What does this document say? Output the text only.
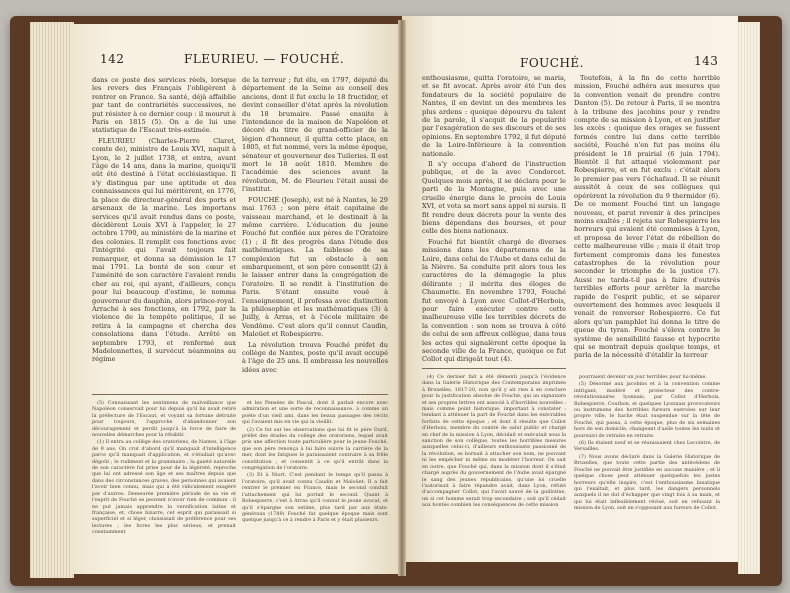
142	FLEURIEU. — FOUCHÉ.

dans ce poste des services réels, lorsque les revers des Français l'obligèrent à rentrer en France. Sa santé, déjà affaiblie par tant de contrariétés successives, ne put résister à ce dernier coup : il mourut à Paris en 1815 (5). On a de lui une statistique de l'Escaut très-estimée.

FLEURIEU (Charles-Pierre Claret, comte de), ministre de Louis XVI, naquit à Lyon, le 2 juillet 1738, et entra, avant l'âge de 14 ans, dans la marine, quoiqu'il eût été destiné à l'état ecclésiastique. Il s'y distingua par une aptitude et des connaissances qui lui méritèrent, en 1776, la place de directeur-général des ports et arsenaux de la marine. Les importans services qu'il avait rendus dans ce poste, décidèrent Louis XVI à l'appeler, le 27 octobre 1790, au ministère de la marine et des colonies. Il remplit ces fonctions avec l'intégrité qui l'avait toujours fait remarquer, et donna sa démission le 17 mai 1791. La bonté de son cœur et l'aménité de son caractère l'avaient rendu cher au roi, qui ayant, d'ailleurs, conçu pour lui beaucoup d'estime, le nomma gouverneur du dauphin, alors prince-royal. Arraché à ses fonctions, en 1792, par la violence de la tempête politique, il se retira à la campagne et chercha des consolations dans l'étude. Arrêté en septembre 1793, et renfermé aux Madelonnettes, il survécut néanmoins au régime

de la terreur ; fut élu, en 1797, député du département de la Seine au conseil des anciens, dont il fut exclu le 18 fructidor, et devint conseiller d'état après la révolution du 18 brumaire. Passé ensuite à l'intendance de la maison de Napoléon et décoré du titre de grand-officier de la légion d'honneur, il quitta cette place, en 1805, et fut nommé, vers la même époque, sénateur et gouverneur des Tuileries. Il est mort le 18 août 1810. Membre de l'académie des sciences avant la révolution, M. de Fleurieu l'était aussi de l'institut.

FOUCHÉ (Joseph), est né à Nantes, le 29 mai 1763 ; son père était capitaine de vaisseau marchand, et le destinait à la même carrière. L'éducation du jeune Fouché fut confiée aux pères de l'Oratoire (1) ; il fit des progrès dans l'étude des mathématiques. La faiblesse de sa complexion fut un obstacle à son embarquement, et son père consentit (2) à le laisser entrer dans la congrégation de l'oratoire. Il se rendit à l'institution de Paris. S'étant ensuite voué à l'enseignement, il professa avec distinction la philosophie et les mathématiques (3) à Juilly, à Arras, et à l'école militaire de Vendôme. C'est alors qu'il connut Caudin, Maloüet et Robespierre.

La révolution trouva Fouché préfet du collège de Nantes, poste qu'il avait occupé à l'âge de 25 ans. Il embrassa les nouvelles idées avec

(5) Connaissant les sentimens de malveillance que Napoléon conservait pour lui depuis qu'il lui avait retiré la préfecture de l'Escaut, et voyant sa fortune détruite pour toujours, l'approche d'abandonner son découragement et perdit jusqu'à la force de faire de nouvelles démarches pour la rétablir.

(1) Il entra au collège des oratoriens, de Nantes, à l'âge de 9 ans. On crut d'abord qu'il manquait d'intelligence parce qu'il manquait d'application, et s'étudiait qu'avec dégoût ; le rudiment et la grammaire ; la gaieté naturelle de son caractère fut prise pour de la légèreté, reproche que lui ont adressé son âge et ses maîtres depuis que dans des circonstances graves, des personnes qui avaient l'avoir bien connu, mais qui a été ridiculement exagéré par d'autres. Demeurée première période de sa vie et l'esprit de Fouché se peuvent n'avoir rien de commun : il ne put jamais apprendre la versification latine et française, et, chose bizarre, cet esprit qui paraissait si superficiel et si léger, choisissait de préférence pour ses lectures ; les livres les plus sérieux, et prenait constamment

et les Pensées de Pascal, dont il parlait encore avec admiration et une sorte de reconnaissance, à comme un poète d'un vieil ami, dans les beaux passages des récits qui l'avaient mis en vie qui la vieillit.

(2) Ce fut sur les observations que lui fit le père Durif, préfet des études du collège des oratoriens, lequel avait pris une affection toute particulière pour le jeune Fouché, que son père renonça à lui faire suivre la carrière de la mer, dont les fatigues le paraissaient contraire à sa frêle constitution ; et consentit à ce qu'il entrât dans la congrégation de l'oratoire.

(3) Et à Niort. C'est pendant le temps qu'il passa à l'oratoire, qu'il avait connu Caudin et Maloüet. Il a fait rentrer le premier en France, mais le second conduit l'attachement qui lui portait le second. Quant à Robespierre, c'est à Arras qu'il connut le jeune avocat, et qu'il s'épargne son estime, plus tard par aux états-généraux (1789) Fouché fut quelque époque mais sont quelque jusqu'à ce à rendre à Paris et y était plusieurs.

FOUCHÉ.	143

enthousiasme, quitta l'oratoire, se maria, et se fit avocat. Après avoir été l'un des fondateurs de la société populaire de Nantes, il en devint un des membres les plus ardens : quoique dépourvu du talent de la parole, il s'acquit de la popularité par l'exagération de ses discours et de ses opinions. En septembre 1792, il fut député de la Loire-Inférieure à la convention nationale.

Il s'y occupa d'abord de l'instruction publique, et de la avec Condorcet. Quelques mois après, il se déclara pour le parti de la Montagne, puis avec une cruelle énergie dans le procès de Louis XVI, et vota sa mort sans appel ni sursis. Il fit rendre deux décrets pour la vente des biens dépendans des bourses, et pour celle des biens nationaux.

Fouché fut bientôt chargé de diverses missions dans les départemens de la Loire, dans celui de l'Aube et dans celui de la Nièvre. Sa conduite prit alors tous les caractères de la démagogie la plus délirante ; il mérita des éloges de Chaumette. En novembre 1793, Fouché fut envoyé à Lyon avec Collot-d'Herbois, pour faire exécuter contre cette malheureuse ville les terribles décrets de la convention : son nom se trouva à côté de celui de son affreux collègue, dans tous les actes qui signalèrent cette époque la seconde ville de la France, quoique ce fut Collot qui dirigeât tout (4).

Toutefois, à la fin de cette horrible mission, Fouché adhéra aux mesures que la convention venait de prendre contre Danton (5). De retour à Paris, il se montra à la tribune des jacobins pour y rendre compte de sa mission à Lyon, et en justifier les excès : quoique des orages se fussent formés contre lui dans cette terrible société, Fouché n'en fut pas moins élu président le 18 prairial (6 juin 1794). Bientôt il fut attaqué violemment par Robespierre, et en fut exclu : c'était alors le premier pas vers l'échafaud. Il se réunit aussitôt à ceux de ses collègues qui opérèrent la révolution du 9 thermidor (6). De ce moment Fouché tint un langage nouveau, et parut revenir à des principes moins exaltés ; il rejeta sur Robespierre les horreurs qui avaient été commises à Lyon, et proposa de lever l'état de rébellion de cette malheureuse ville ; mais il était trop fortement compromis dans les funestes catastrophes de la révolution pour seconder le triomphe de la justice (7). Aussi ne tarda-t-il pas à faire d'outrés terribles efforts pour arrêter la marche rapide de l'esprit public, et se séparer ouvertement des hommes avec lesquels il venait de renverser Robespierre. Ce fut alors qu'un pamphlet lui donna le titre de queue du tyran. Fouché s'éleva contre le système de sensibilité fausse et hypocrite qui se montrait depuis quelque temps, et parla de la nécessité d'établir la terreur

(4) Ce dernier fait a été démenti jusqu'à l'évidence dans la Galerie Historique des Contemporains imprimée à Bruxelles, 1817-20, non qu'il y ait rien à en conclure pour la justification absolue de Fouché, qui au signataire et ses propres lettres ont associé à d'horribles nouvelles : mais comme point historique, important à constater : tendant à atténuer la part de Fouché dans les exécrables forfaits de cette époque ; et dont il résulte que Collot d'Herbois, membre du comité de salut public et chargé en chef de la mission à Lyon, décidait et exécutait sous la sanction de son collègue, toutes les horribles mesures auxquelles celui-ci, d'ailleurs enthousiaste passionné de la révolution, se bornait à attacher son nom, ne pouvant ni les empêcher ni même en modérer l'horreur. On sait en outre, que Fouché qui, dans la mission dont il s'était chargé auprès du gouvernement de l'Aube avait épargné le sang des jeunes républicains, qu'une loi cruelle l'autorisait à faire répandre avait, dans Lyon, réfuté d'accompagner Collot, qui l'avait sauvé de la guillotine, un si cet homme serait trop secondaire ; soit qu'il cédait aux bontés combien les conséquences de cette mission

pourraient devenir un jour terribles pour lui-même.

(5) Désormé aux jacobins et à la convention comme intrigant, modéré et protecteur des contre-révolutionnaires lyonnais, par Collot d'Herbois, Robespierre, Couthon, et quelques Lyonnais provocateurs ou instrumens des horribles fureurs exercées sur leur propre ville, le hache était suspendue sur la tête de Fouché, qui passa, à cette époque, plus de six semaines hors de son domicile, changeant d'asile toutes les nuits et poursuivi de retraite en retraite.

(6) Ils étaient neuf et se réunissaient chez Lecointre, de Versailles.

(7) Nous avons déclaré dans la Galerie Historique de Bruxelles, que toute cette partie des antécédens de Fouché ne pouvait être justifiée en aucune manière ; et il quelque chose peut atténuer quelquefois les justes horreurs qu'elle inspire, c'est l'enthousiasme fanatique qui l'exaltait, et plus tard, les dangers personnels auxquels il ne dut d'échapper que vingt fois à sa main, et qui lui était inflexiblement révisé, soit en refusant la mission de Lyon, soit en s'opposant aux fureurs de Collot.
